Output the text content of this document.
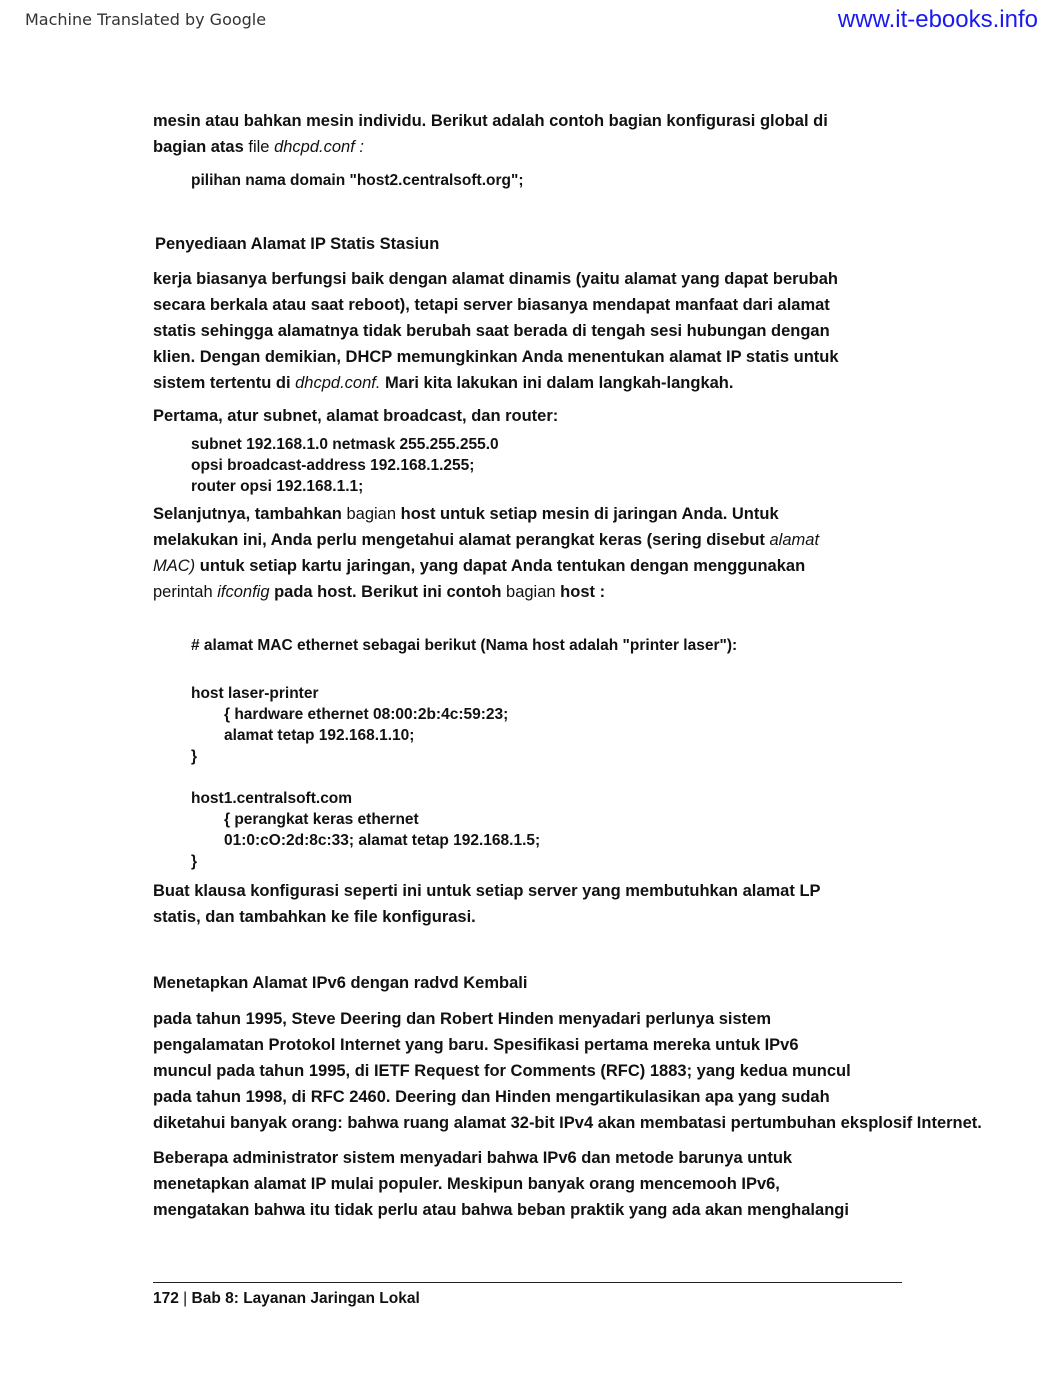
Machine Translated by Google	www.it-ebooks.info

mesin atau bahkan mesin individu. Berikut adalah contoh bagian konfigurasi global di

bagian atas file dhcpd.conf :

pilihan nama domain "host2.centralsoft.org";
Penyediaan Alamat IP Statis Stasiun

kerja biasanya berfungsi baik dengan alamat dinamis (yaitu alamat yang dapat berubah

secara berkala atau saat reboot), tetapi server biasanya mendapat manfaat dari alamat

statis sehingga alamatnya tidak berubah saat berada di tengah sesi hubungan dengan

klien. Dengan demikian, DHCP memungkinkan Anda menentukan alamat IP statis untuk

sistem tertentu di dhcpd.conf. Mari kita lakukan ini dalam langkah-langkah.

Pertama, atur subnet, alamat broadcast, dan router:

subnet 192.168.1.0 netmask 255.255.255.0
opsi broadcast-address 192.168.1.255;
router opsi 192.168.1.1;

Selanjutnya, tambahkan bagian host untuk setiap mesin di jaringan Anda. Untuk

melakukan ini, Anda perlu mengetahui alamat perangkat keras (sering disebut alamat

MAC) untuk setiap kartu jaringan, yang dapat Anda tentukan dengan menggunakan

perintah ifconfig pada host. Berikut ini contoh bagian host :

# alamat MAC ethernet sebagai berikut (Nama host adalah "printer laser"):
host laser-printer
{ hardware ethernet 08:00:2b:4c:59:23;
alamat tetap 192.168.1.10;
}
host1.centralsoft.com
{ perangkat keras ethernet
01:0:cO:2d:8c:33; alamat tetap 192.168.1.5;
}

Buat klausa konfigurasi seperti ini untuk setiap server yang membutuhkan alamat LP

statis, dan tambahkan ke file konfigurasi.

Menetapkan Alamat IPv6 dengan radvd Kembali

pada tahun 1995, Steve Deering dan Robert Hinden menyadari perlunya sistem

pengalamatan Protokol Internet yang baru. Spesifikasi pertama mereka untuk IPv6

muncul pada tahun 1995, di IETF Request for Comments (RFC) 1883; yang kedua muncul

pada tahun 1998, di RFC 2460. Deering dan Hinden mengartikulasikan apa yang sudah

diketahui banyak orang: bahwa ruang alamat 32-bit IPv4 akan membatasi pertumbuhan eksplosif Internet.

Beberapa administrator sistem menyadari bahwa IPv6 dan metode barunya untuk

menetapkan alamat IP mulai populer. Meskipun banyak orang mencemooh IPv6,

mengatakan bahwa itu tidak perlu atau bahwa beban praktik yang ada akan menghalangi

172 | Bab 8: Layanan Jaringan Lokal
